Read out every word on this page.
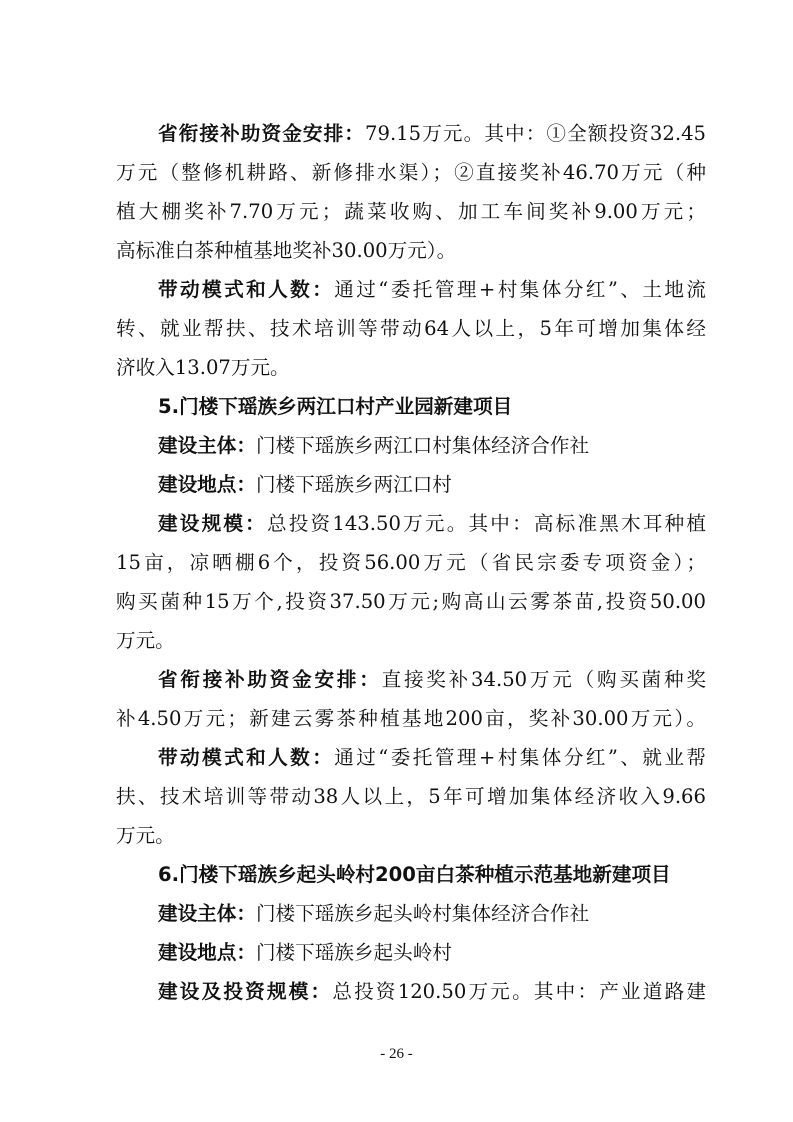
省衔接补助资金安排：79.15万元。其中：①全额投资32.45
万元（整修机耕路、新修排水渠）；②直接奖补46.70万元（种
植大棚奖补7.70万元；蔬菜收购、加工车间奖补9.00万元；
高标准白茶种植基地奖补30.00万元）。
带动模式和人数：通过“委托管理+村集体分红”、土地流
转、就业帮扶、技术培训等带动64人以上，5年可增加集体经
济收入13.07万元。
5.门楼下瑶族乡两江口村产业园新建项目
建设主体：门楼下瑶族乡两江口村集体经济合作社
建设地点：门楼下瑶族乡两江口村
建设规模：总投资143.50万元。其中：高标准黑木耳种植
15亩，凉晒棚6个，投资56.00万元（省民宗委专项资金）；
购买菌种15万个,投资37.50万元;购高山云雾茶苗,投资50.00
万元。
省衔接补助资金安排：直接奖补34.50万元（购买菌种奖
补4.50万元；新建云雾茶种植基地200亩，奖补30.00万元）。
带动模式和人数：通过“委托管理+村集体分红”、就业帮
扶、技术培训等带动38人以上，5年可增加集体经济收入9.66
万元。
6.门楼下瑶族乡起头岭村200亩白茶种植示范基地新建项目
建设主体：门楼下瑶族乡起头岭村集体经济合作社
建设地点：门楼下瑶族乡起头岭村
建设及投资规模：总投资120.50万元。其中：产业道路建
- 26 -
